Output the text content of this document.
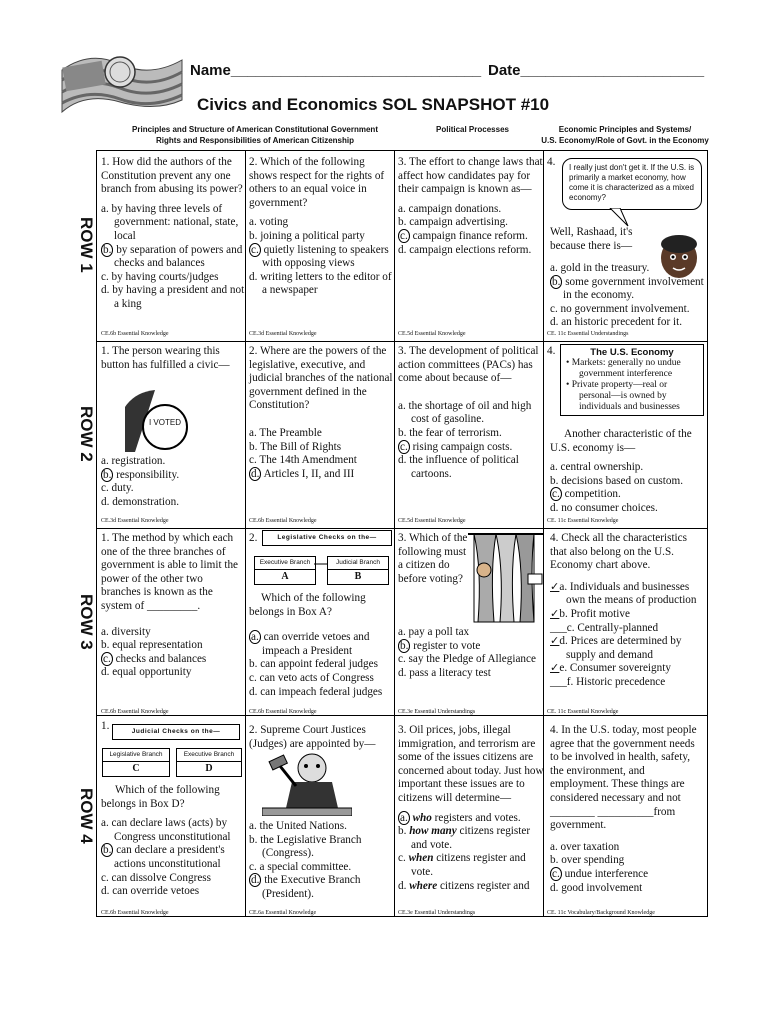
Name______________________________ Date______________________
Civics and Economics SOL SNAPSHOT #10
Principles and Structure of American Constitutional Government
Rights and Responsibilities of American Citizenship
Political Processes	Economic Principles and Systems/
U.S. Economy/Role of Govt. in the Economy
ROW 1
ROW 2
ROW 3
ROW 4

1. How did the authors of the Constitution prevent any one branch from abusing its power?

a. by having three levels of government: national, state, local

b. by separation of powers and checks and balances

c. by having courts/judges

d. by having a president and not a king

CE.6b Essential Knowledge

2. Which of the following shows respect for the rights of others to an equal voice in government?

a. voting

b. joining a political party

c. quietly listening to speakers with opposing views

d. writing letters to the editor of a newspaper

CE.3d Essential Knowledge

3. The effort to change laws that affect how candidates pay for their campaign is known as—

a. campaign donations.

b. campaign advertising.

c. campaign finance reform.

d. campaign elections reform.

CE.5d Essential Knowledge

4.	I really just don't get it. If the U.S. is primarily a market economy, how come it is characterized as a mixed economy?

Well, Rashaad, it's because there is—

a. gold in the treasury.

b. some government involvement in the economy.

c. no government involvement.

d. an historic precedent for it.

CE. 11c Essential Understandings

1. The person wearing this button has fulfilled a civic—

I VOTED

a. registration.

b. responsibility.

c. duty.

d. demonstration.

CE.3d Essential Knowledge

2. Where are the powers of the legislative, executive, and judicial branches of the national government defined in the Constitution?

a. The Preamble

b. The Bill of Rights

c. The 14th Amendment

d. Articles I, II, and III

CE.6b Essential Knowledge

3. The development of political action committees (PACs) has come about because of—

a. the shortage of oil and high cost of gasoline.

b. the fear of terrorism.

c. rising campaign costs.

d. the influence of political cartoons.

CE.5d Essential Knowledge

4.	The U.S. Economy
• Markets: generally no undue government interference
• Private property—real or personal—is owned by individuals and businesses

Another characteristic of the U.S. economy is—

a. central ownership.

b. decisions based on custom.

c. competition.

d. no consumer choices.

CE. 11c Essential Knowledge

1. The method by which each one of the three branches of government is able to limit the power of the other two branches is known as the system of _________.

a. diversity

b. equal representation

c. checks and balances

d. equal opportunity

CE.6b Essential Knowledge

2.	Legislative Checks on the—
Executive Branch	Judicial Branch
A	B

Which of the following belongs in Box A?

a. can override vetoes and impeach a President

b. can appoint federal judges

c. can veto acts of Congress

d. can impeach federal judges

CE.6b Essential Knowledge

3. Which of the following must a citizen do before voting?

a. pay a poll tax

b. register to vote

c. say the Pledge of Allegiance

d. pass a literacy test

CE.3e Essential Understandings

4. Check all the characteristics that also belong on the U.S. Economy chart above.

✓a. Individuals and businesses own the means of production

✓b. Profit motive

___c. Centrally-planned

✓d. Prices are determined by supply and demand

✓e. Consumer sovereignty

___f. Historic precedence

CE. 11c Essential Knowledge

1.	Judicial Checks on the—
Legislative Branch	Executive Branch
C	D

Which of the following belongs in Box D?

a. can declare laws (acts) by Congress unconstitutional

b. can declare a president's actions unconstitutional

c. can dissolve Congress

d. can override vetoes

CE.6b Essential Knowledge

2. Supreme Court Justices (Judges) are appointed by—

a. the United Nations.

b. the Legislative Branch (Congress).

c. a special committee.

d. the Executive Branch (President).

CE.6a Essential Knowledge

3. Oil prices, jobs, illegal immigration, and terrorism are some of the issues citizens are concerned about today. Just how important these issues are to citizens will determine—

a. who registers and votes.

b. how many citizens register and vote.

c. when citizens register and vote.

d. where citizens register and

CE.3e Essential Understandings

4. In the U.S. today, most people agree that the government needs to be involved in health, safety, the environment, and employment. These things are considered necessary and not ________ __________from government.

a. over taxation

b. over spending

c. undue interference

d. good involvement

CE. 11c Vocabulary/Background Knowledge
